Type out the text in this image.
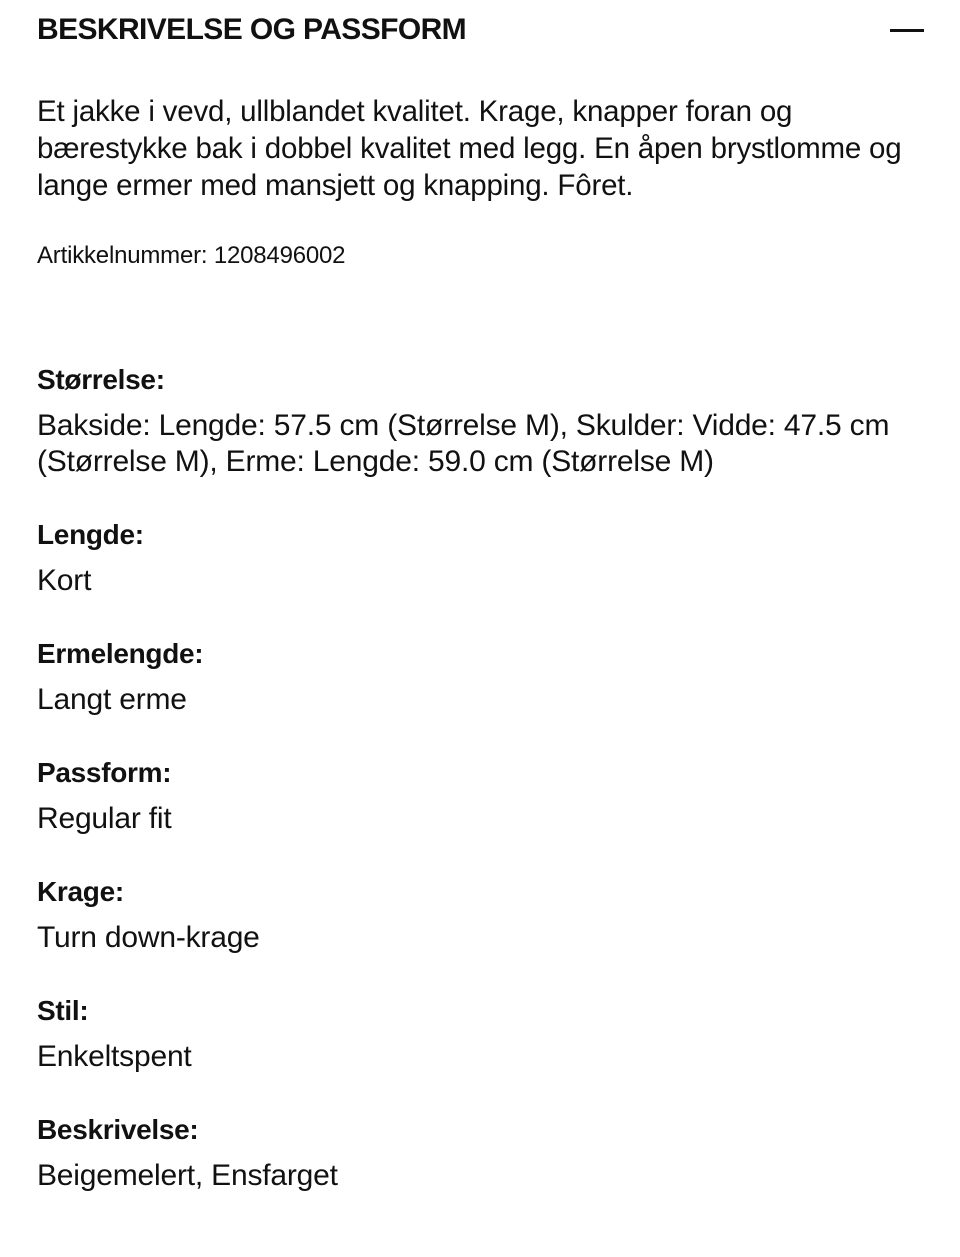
BESKRIVELSE OG PASSFORM

Et jakke i vevd, ullblandet kvalitet. Krage, knapper foran og bærestykke bak i dobbel kvalitet med legg. En åpen brystlomme og lange ermer med mansjett og knapping. Fôret.

Artikkelnummer: 1208496002
Størrelse:
Bakside: Lengde: 57.5 cm (Størrelse M), Skulder: Vidde: 47.5 cm (Størrelse M), Erme: Lengde: 59.0 cm (Størrelse M)
Lengde:
Kort
Ermelengde:
Langt erme
Passform:
Regular fit
Krage:
Turn down-krage
Stil:
Enkeltspent
Beskrivelse:
Beigemelert, Ensfarget
